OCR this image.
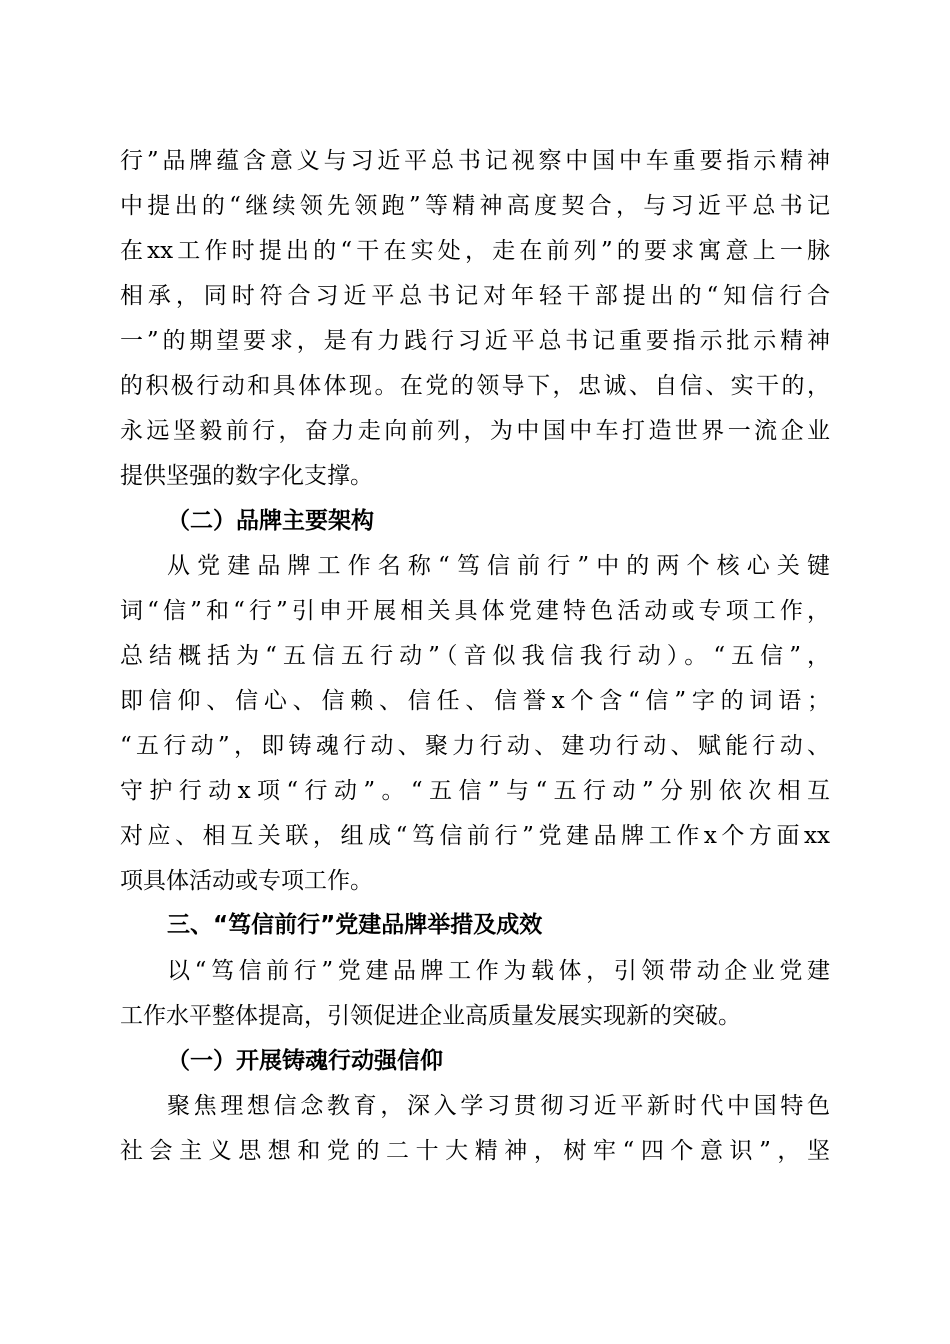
行”品牌蕴含意义与习近平总书记视察中国中车重要指示精神
中提出的“继续领先领跑”等精神高度契合，与习近平总书记
在xx工作时提出的“干在实处，走在前列”的要求寓意上一脉
相承，同时符合习近平总书记对年轻干部提出的“知信行合
一”的期望要求，是有力践行习近平总书记重要指示批示精神
的积极行动和具体体现。在党的领导下，忠诚、自信、实干的，
永远坚毅前行，奋力走向前列，为中国中车打造世界一流企业
提供坚强的数字化支撑。
（二）品牌主要架构
从党建品牌工作名称“笃信前行”中的两个核心关键
词“信”和“行”引申开展相关具体党建特色活动或专项工作，
总结概括为“五信五行动”（音似我信我行动）。“五信”，
即信仰、信心、信赖、信任、信誉x个含“信”字的词语；
“五行动”，即铸魂行动、聚力行动、建功行动、赋能行动、
守护行动x项“行动”。“五信”与“五行动”分别依次相互
对应、相互关联，组成“笃信前行”党建品牌工作x个方面xx
项具体活动或专项工作。
三、“笃信前行”党建品牌举措及成效
以“笃信前行”党建品牌工作为载体，引领带动企业党建
工作水平整体提高，引领促进企业高质量发展实现新的突破。
（一）开展铸魂行动强信仰
聚焦理想信念教育，深入学习贯彻习近平新时代中国特色
社会主义思想和党的二十大精神，树牢“四个意识”，坚
